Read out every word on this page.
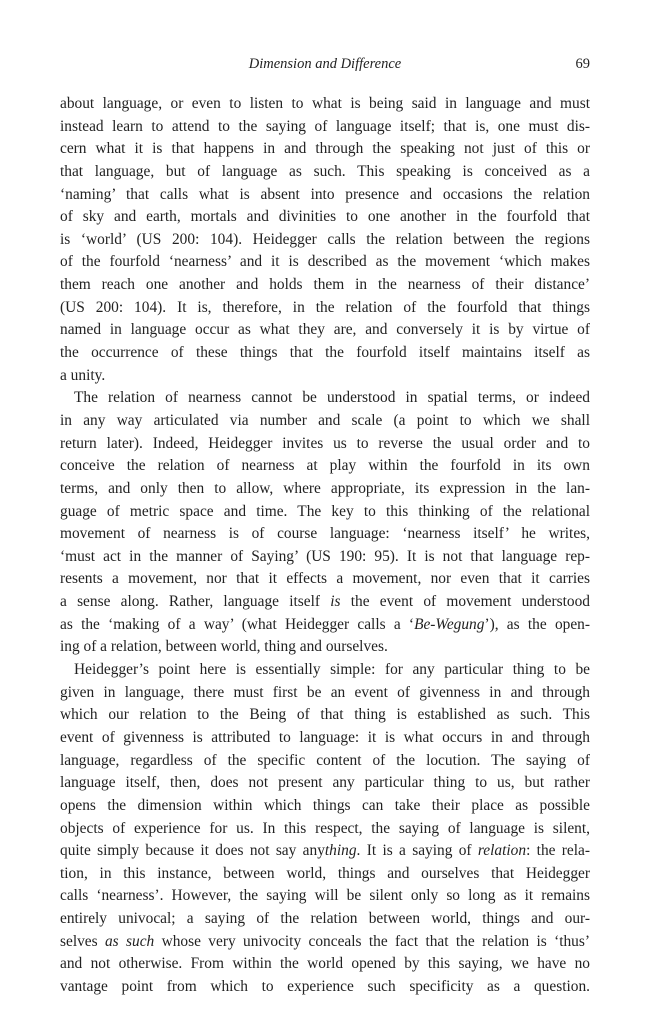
Dimension and Difference	69
about language, or even to listen to what is being said in language and must
instead learn to attend to the saying of language itself; that is, one must dis-
cern what it is that happens in and through the speaking not just of this or
that language, but of language as such. This speaking is conceived as a
‘naming’ that calls what is absent into presence and occasions the relation
of sky and earth, mortals and divinities to one another in the fourfold that
is ‘world’ (US 200: 104). Heidegger calls the relation between the regions
of the fourfold ‘nearness’ and it is described as the movement ‘which makes
them reach one another and holds them in the nearness of their distance’
(US 200: 104). It is, therefore, in the relation of the fourfold that things
named in language occur as what they are, and conversely it is by virtue of
the occurrence of these things that the fourfold itself maintains itself as
a unity.
The relation of nearness cannot be understood in spatial terms, or indeed
in any way articulated via number and scale (a point to which we shall
return later). Indeed, Heidegger invites us to reverse the usual order and to
conceive the relation of nearness at play within the fourfold in its own
terms, and only then to allow, where appropriate, its expression in the lan-
guage of metric space and time. The key to this thinking of the relational
movement of nearness is of course language: ‘nearness itself’ he writes,
‘must act in the manner of Saying’ (US 190: 95). It is not that language rep-
resents a movement, nor that it effects a movement, nor even that it carries
a sense along. Rather, language itself is the event of movement understood
as the ‘making of a way’ (what Heidegger calls a ‘Be-Wegung’), as the open-
ing of a relation, between world, thing and ourselves.
Heidegger’s point here is essentially simple: for any particular thing to be
given in language, there must first be an event of givenness in and through
which our relation to the Being of that thing is established as such. This
event of givenness is attributed to language: it is what occurs in and through
language, regardless of the specific content of the locution. The saying of
language itself, then, does not present any particular thing to us, but rather
opens the dimension within which things can take their place as possible
objects of experience for us. In this respect, the saying of language is silent,
quite simply because it does not say anything. It is a saying of relation: the rela-
tion, in this instance, between world, things and ourselves that Heidegger
calls ‘nearness’. However, the saying will be silent only so long as it remains
entirely univocal; a saying of the relation between world, things and our-
selves as such whose very univocity conceals the fact that the relation is ‘thus’
and not otherwise. From within the world opened by this saying, we have no
vantage point from which to experience such specificity as a question.
